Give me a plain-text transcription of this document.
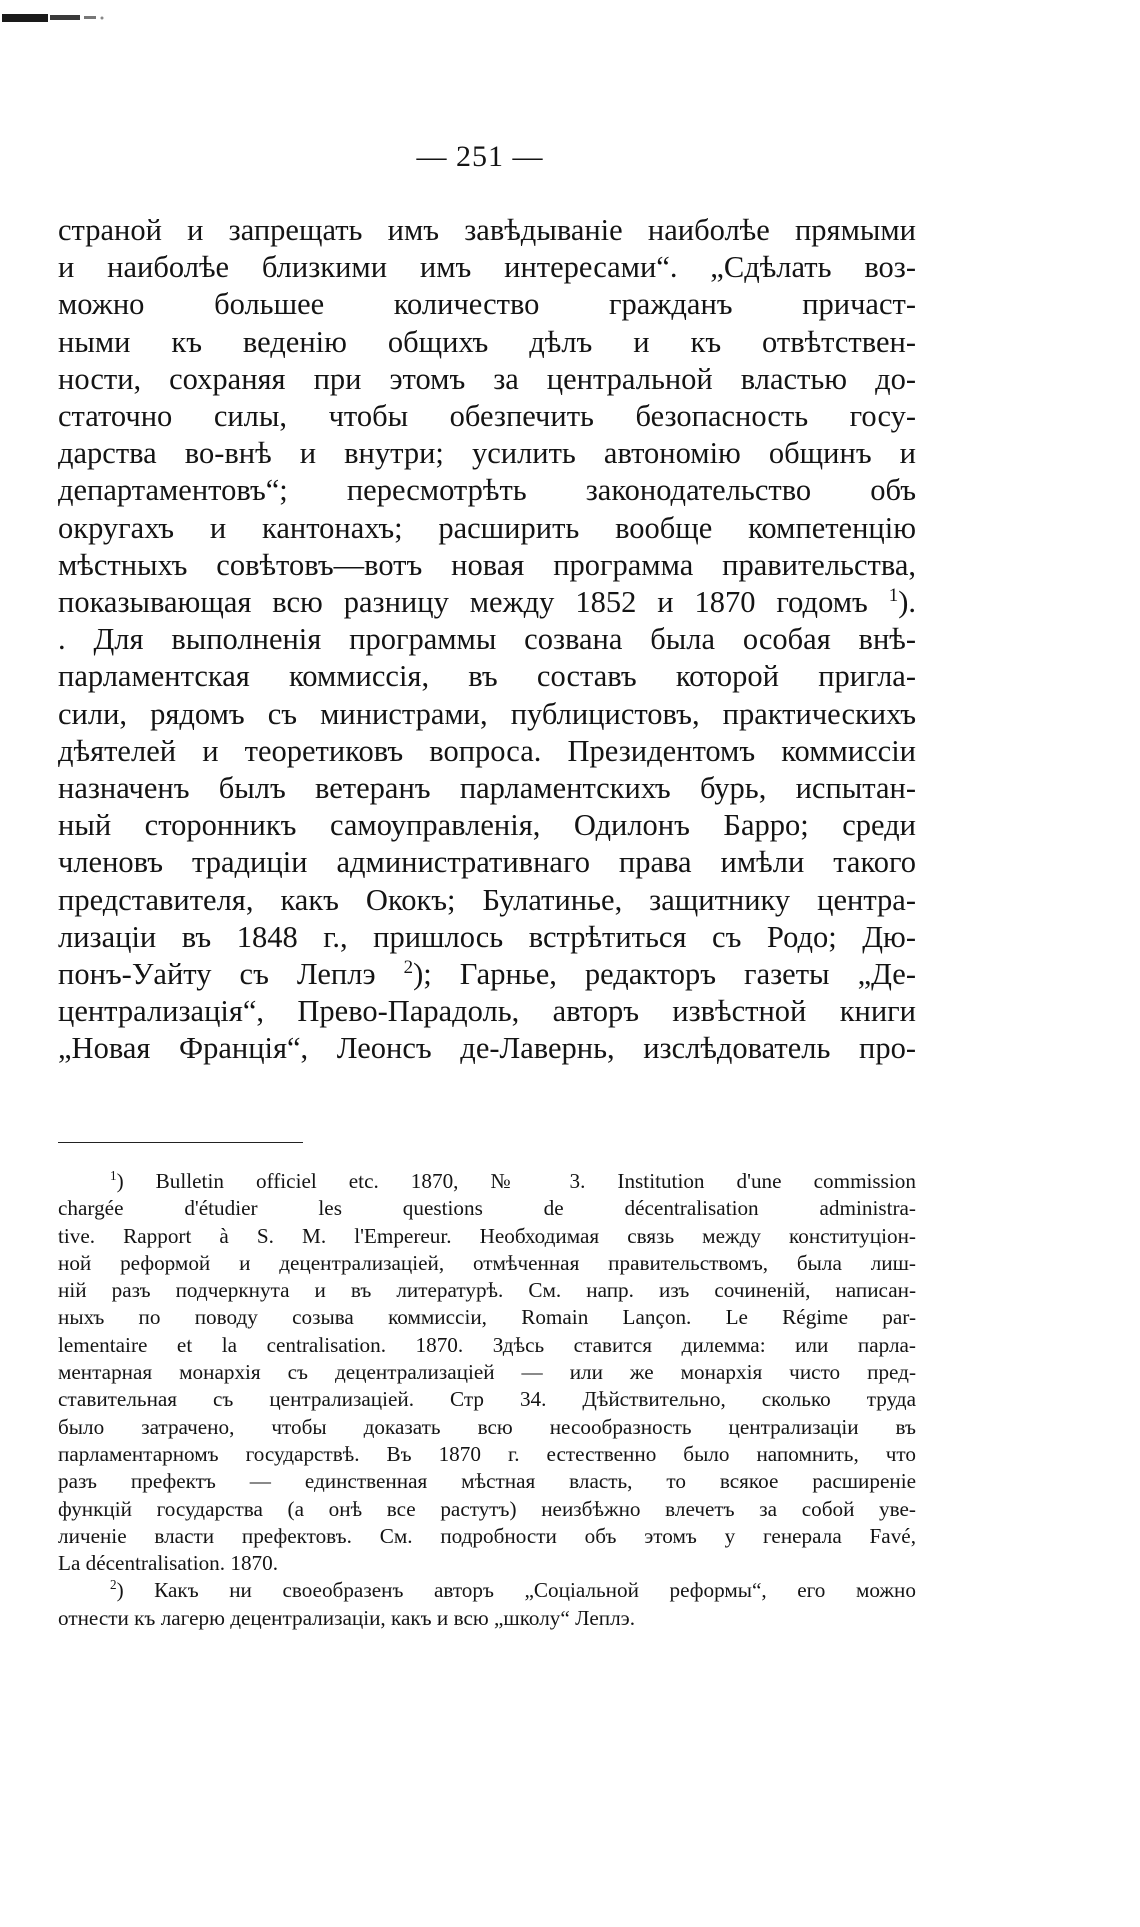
— 251 —
страной и запрещать имъ завѣдываніе наиболѣе прямыми
и наиболѣе близкими имъ интересами“. „Сдѣлать воз-
можно большее количество гражданъ причаст-
ными къ веденію общихъ дѣлъ и къ отвѣтствен-
ности, сохраняя при этомъ за центральной властью до-
статочно силы, чтобы обезпечить безопасность госу-
дарства во-внѣ и внутри; усилить автономію общинъ и
департаментовъ“; пересмотрѣть законодательство объ
округахъ и кантонахъ; расширить вообще компетенцію
мѣстныхъ совѣтовъ—вотъ новая программа правительства,
показывающая всю разницу между 1852 и 1870 годомъ $^1$).
. Для выполненія программы созвана была особая внѣ-
парламентская коммиссія, въ составъ которой пригла-
сили, рядомъ съ министрами, публицистовъ, практическихъ
дѣятелей и теоретиковъ вопроса. Президентомъ коммиссіи
назначенъ былъ ветеранъ парламентскихъ бурь, испытан-
ный сторонникъ самоуправленія, Одилонъ Барро; среди
членовъ традиціи административнаго права имѣли такого
представителя, какъ Ококъ; Булатинье, защитнику центра-
лизаціи въ 1848 г., пришлось встрѣтиться съ Родо; Дю-
понъ-Уайту съ Леплэ $^2$); Гарнье, редакторъ газеты „Де-
централизація“, Прево-Парадоль, авторъ извѣстной книги
„Новая Франція“, Леонсъ де-Лавернь, изслѣдователь про-
$^1$) Bulletin officiel etc. 1870, № 3. Institution d'une commission
chargée d'étudier les questions de décentralisation administra-
tive. Rapport à S. M. l'Empereur. Необходимая связь между конституціон-
ной реформой и децентрализаціей, отмѣченная правительствомъ, была лиш-
ній разъ подчеркнута и въ литературѣ. См. напр. изъ сочиненій, написан-
ныхъ по поводу созыва коммиссіи, Romain Lançon. Le Régime par-
lementaire et la centralisation. 1870. Здѣсь ставится дилемма: или парла-
ментарная монархія съ децентрализаціей — или же монархія чисто пред-
ставительная съ централизаціей. Стр 34. Дѣйствительно, сколько труда
было затрачено, чтобы доказать всю несообразность централизаціи въ
парламентарномъ государствѣ. Въ 1870 г. естественно было напомнить, что
разъ префектъ — единственная мѣстная власть, то всякое расширеніе
функцій государства (а онѣ все растутъ) неизбѣжно влечетъ за собой уве-
личеніе власти префектовъ. См. подробности объ этомъ у генерала Favé,
La décentralisation. 1870.
$^2$) Какъ ни своеобразенъ авторъ „Соціальной реформы“, его можно
отнести къ лагерю децентрализаціи, какъ и всю „школу“ Леплэ.
